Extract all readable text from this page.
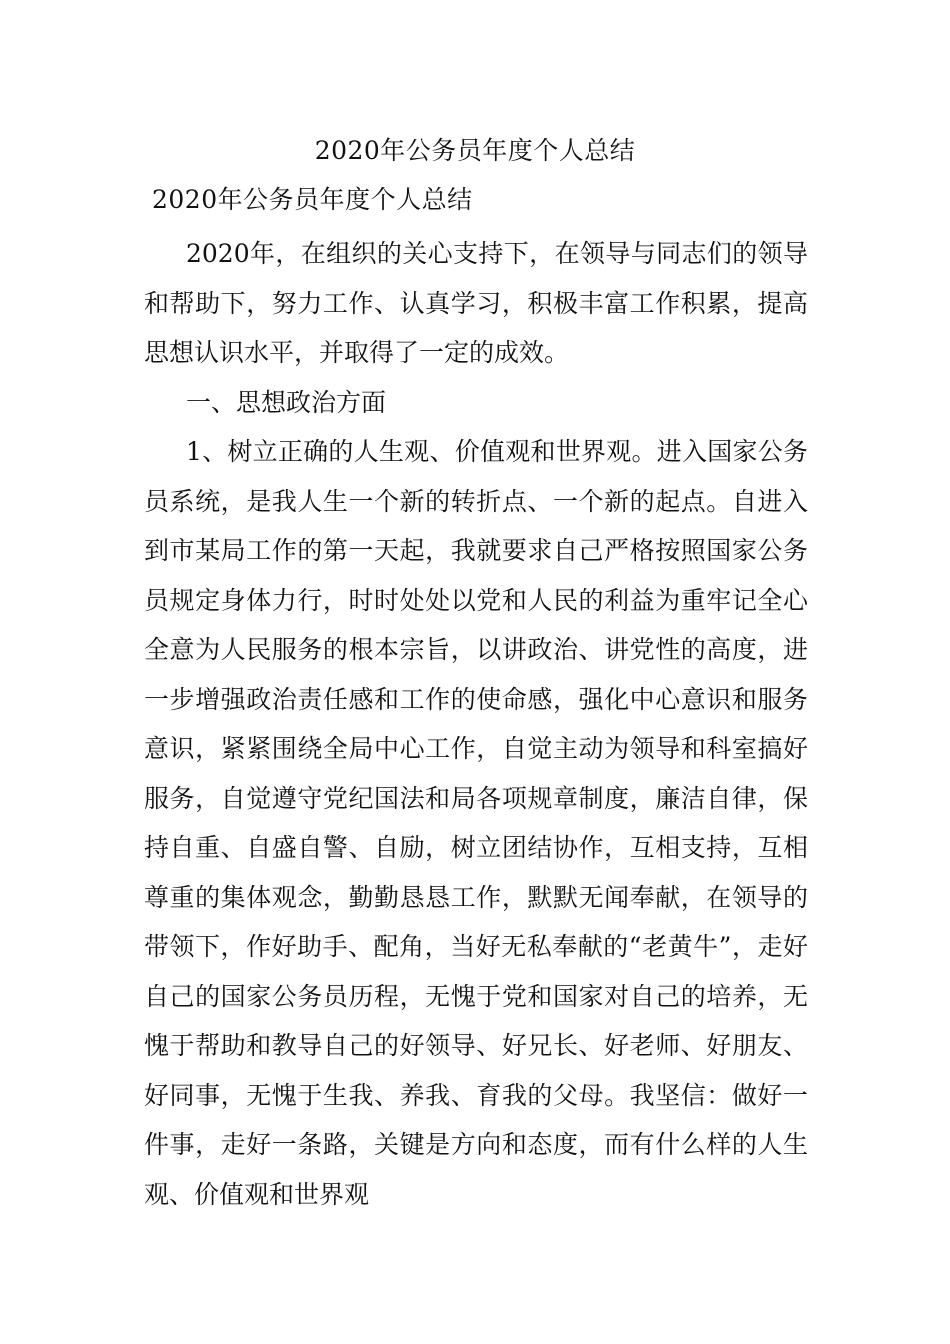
2020年公务员年度个人总结

2020年公务员年度个人总结

2020年，在组织的关心支持下，在领导与同志们的领导和帮助下，努力工作、认真学习，积极丰富工作积累，提高思想认识水平，并取得了一定的成效。

一、思想政治方面

1、树立正确的人生观、价值观和世界观。进入国家公务员系统，是我人生一个新的转折点、一个新的起点。自进入到市某局工作的第一天起，我就要求自己严格按照国家公务员规定身体力行，时时处处以党和人民的利益为重牢记全心全意为人民服务的根本宗旨，以讲政治、讲党性的高度，进一步增强政治责任感和工作的使命感，强化中心意识和服务意识，紧紧围绕全局中心工作，自觉主动为领导和科室搞好服务，自觉遵守党纪国法和局各项规章制度，廉洁自律，保持自重、自盛自警、自励，树立团结协作，互相支持，互相尊重的集体观念，勤勤恳恳工作，默默无闻奉献，在领导的带领下，作好助手、配角，当好无私奉献的“老黄牛”，走好自己的国家公务员历程，无愧于党和国家对自己的培养，无愧于帮助和教导自己的好领导、好兄长、好老师、好朋友、好同事，无愧于生我、养我、育我的父母。我坚信：做好一件事，走好一条路，关键是方向和态度，而有什么样的人生观、价值观和世界观
